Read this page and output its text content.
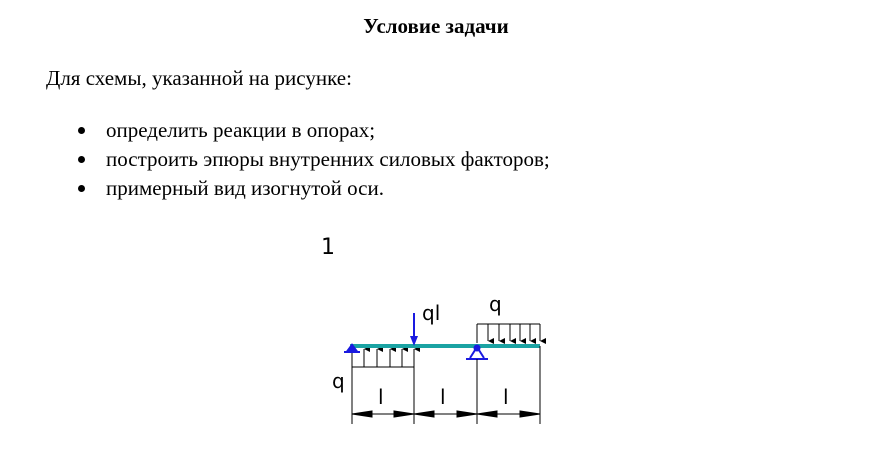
Условие задачи
Для схемы, указанной на рисунке:
определить реакции в опорах;
построить эпюры внутренних силовых факторов;
примерный вид изогнутой оси.
1
q
q
ql
l	l	l
